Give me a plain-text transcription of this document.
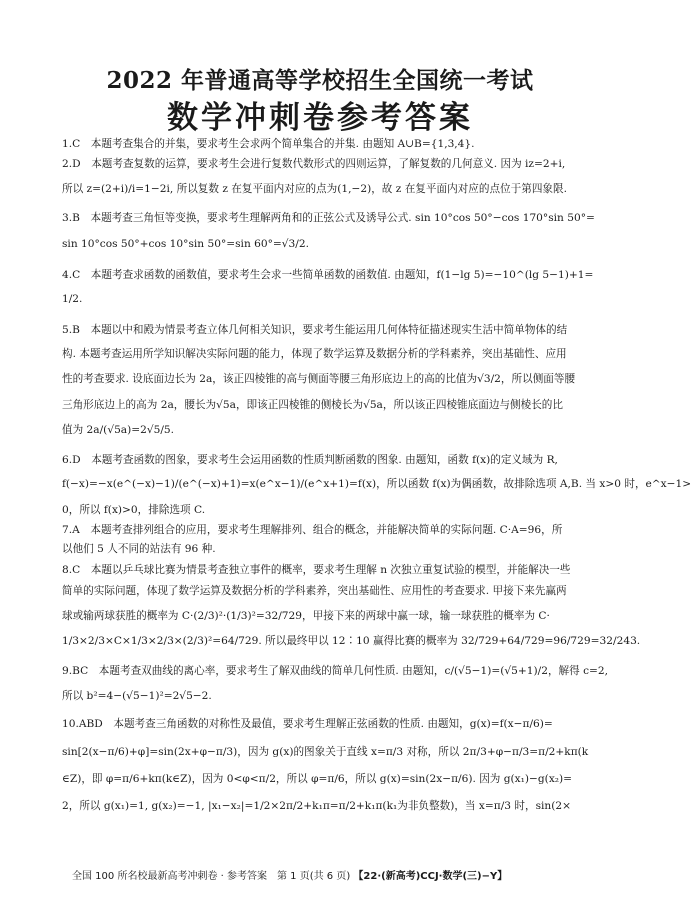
2022 年普通高等学校招生全国统一考试
数学冲刺卷参考答案
1.C　本题考查集合的并集，要求考生会求两个简单集合的并集. 由题知 A∪B={1,3,4}.
2.D　本题考查复数的运算，要求考生会进行复数代数形式的四则运算，了解复数的几何意义. 因为 iz=2+i,
所以 z=(2+i)/i=1−2i, 所以复数 z 在复平面内对应的点为(1,−2)，故 z 在复平面内对应的点位于第四象限.
3.B　本题考查三角恒等变换，要求考生理解两角和的正弦公式及诱导公式. sin 10°cos 50°−cos 170°sin 50°=
sin 10°cos 50°+cos 10°sin 50°=sin 60°=√3/2.
4.C　本题考查求函数的函数值，要求考生会求一些简单函数的函数值. 由题知，f(1−lg 5)=−10^(lg 5−1)+1=
1/2.
5.B　本题以中和殿为情景考查立体几何相关知识，要求考生能运用几何体特征描述现实生活中简单物体的结
构. 本题考查运用所学知识解决实际问题的能力，体现了数学运算及数据分析的学科素养，突出基础性、应用
性的考查要求. 设底面边长为 2a，该正四棱锥的高与侧面等腰三角形底边上的高的比值为√3/2，所以侧面等腰
三角形底边上的高为 2a，腰长为√5a，即该正四棱锥的侧棱长为√5a，所以该正四棱锥底面边与侧棱长的比
值为 2a/(√5a)=2√5/5.
6.D　本题考查函数的图象，要求考生会运用函数的性质判断函数的图象. 由题知，函数 f(x)的定义域为 R,
f(−x)=−x(e^(−x)−1)/(e^(−x)+1)=x(e^x−1)/(e^x+1)=f(x)，所以函数 f(x)为偶函数，故排除选项 A,B. 当 x>0 时，e^x−1>
0，所以 f(x)>0，排除选项 C.
7.A　本题考查排列组合的应用，要求考生理解排列、组合的概念，并能解决简单的实际问题. C·A=96，所
以他们 5 人不同的站法有 96 种.
8.C　本题以乒乓球比赛为情景考查独立事件的概率，要求考生理解 n 次独立重复试验的模型，并能解决一些
简单的实际问题，体现了数学运算及数据分析的学科素养，突出基础性、应用性的考查要求. 甲接下来先赢两
球或输两球获胜的概率为 C·(2/3)²·(1/3)²=32/729，甲接下来的两球中赢一球，输一球获胜的概率为 C·
1/3×2/3×C×1/3×2/3×(2/3)²=64/729. 所以最终甲以 12∶10 赢得比赛的概率为 32/729+64/729=96/729=32/243.
9.BC　本题考查双曲线的离心率，要求考生了解双曲线的简单几何性质. 由题知，c/(√5−1)=(√5+1)/2，解得 c=2,
所以 b²=4−(√5−1)²=2√5−2.
10.ABD　本题考查三角函数的对称性及最值，要求考生理解正弦函数的性质. 由题知，g(x)=f(x−π/6)=
sin[2(x−π/6)+φ]=sin(2x+φ−π/3)，因为 g(x)的图象关于直线 x=π/3 对称，所以 2π/3+φ−π/3=π/2+kπ(k
∈Z)，即 φ=π/6+kπ(k∈Z)，因为 0<φ<π/2，所以 φ=π/6，所以 g(x)=sin(2x−π/6). 因为 g(x₁)−g(x₂)=
2，所以 g(x₁)=1, g(x₂)=−1, |x₁−x₂|=1/2×2π/2+k₁π=π/2+k₁π(k₁为非负整数)，当 x=π/3 时，sin(2×
全国 100 所名校最新高考冲刺卷 · 参考答案　第 1 页(共 6 页) 【22·(新高考)CCJ·数学(三)−Y】
